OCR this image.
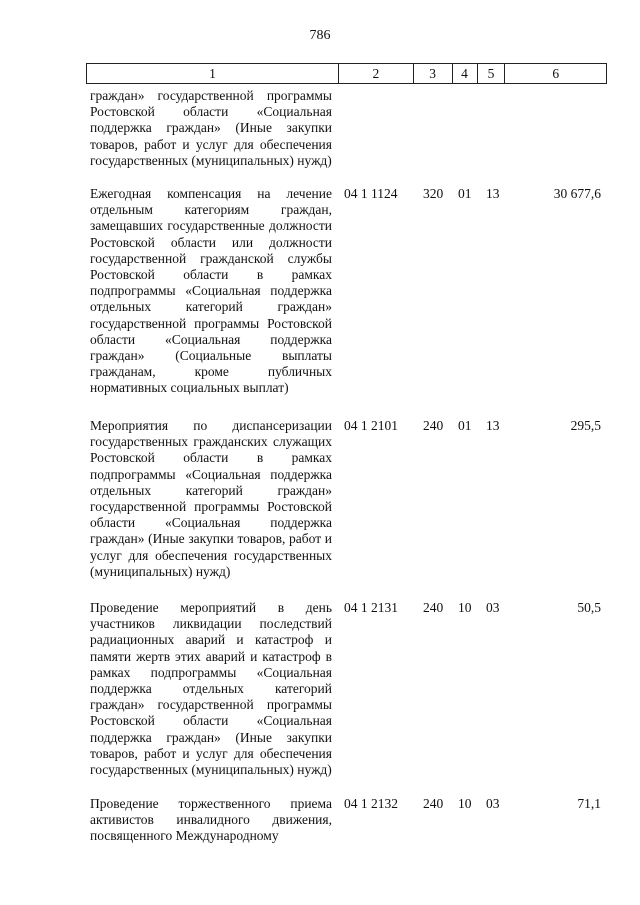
786
1	2	3	4	5	6
граждан» государственной программы Ростовской области «Социальная поддержка граждан» (Иные закупки товаров, работ и услуг для обеспечения государственных (муниципальных) нужд)
Ежегодная компенсация на лечение отдельным категориям граждан, замещавших государственные должности Ростовской области или должности государственной гражданской службы Ростовской области в рамках подпрограммы «Социальная поддержка отдельных категорий граждан» государственной программы Ростовской области «Социальная поддержка граждан» (Социальные выплаты гражданам, кроме публичных нормативных социальных выплат)
04 1 1124	320	01	13	30 677,6
Мероприятия по диспансеризации государственных гражданских служащих Ростовской области в рамках подпрограммы «Социальная поддержка отдельных категорий граждан» государственной программы Ростовской области «Социальная поддержка граждан» (Иные закупки товаров, работ и услуг для обеспечения государственных (муниципальных) нужд)
04 1 2101	240	01	13	295,5
Проведение мероприятий в день участников ликвидации последствий радиационных аварий и катастроф и памяти жертв этих аварий и катастроф в рамках подпрограммы «Социальная поддержка отдельных категорий граждан» государственной программы Ростовской области «Социальная поддержка граждан» (Иные закупки товаров, работ и услуг для обеспечения государственных (муниципальных) нужд)
04 1 2131	240	10	03	50,5
Проведение торжественного приема активистов инвалидного движения, посвященного Международному
04 1 2132	240	10	03	71,1
